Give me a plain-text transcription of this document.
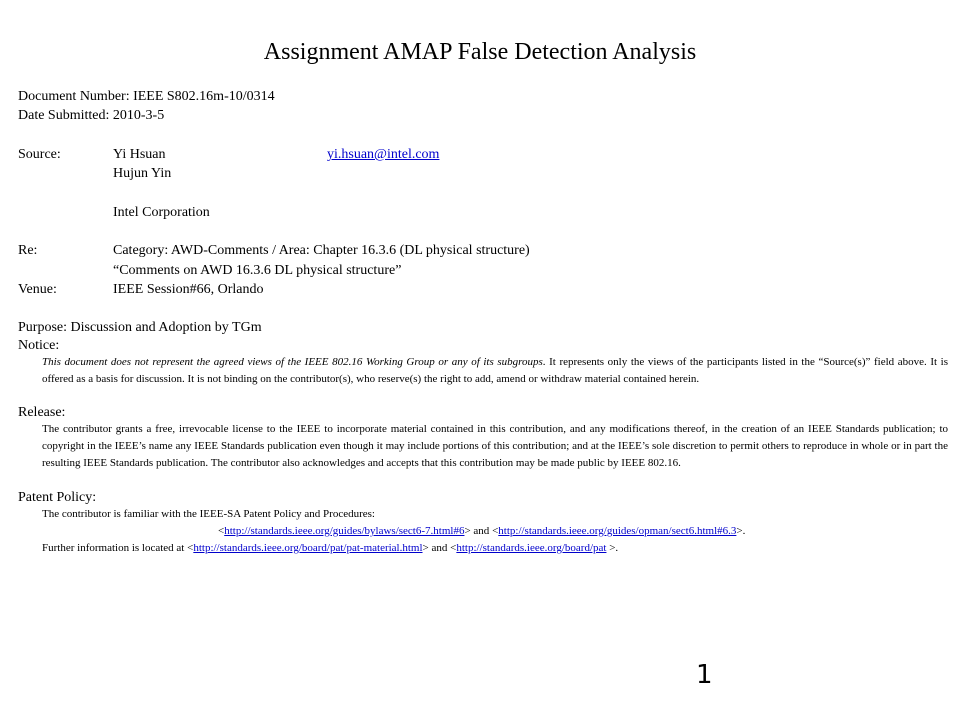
Assignment AMAP False Detection Analysis
Document Number: IEEE S802.16m-10/0314
Date Submitted: 2010-3-5
Source:	Yi Hsuan	yi.hsuan@intel.com
Hujun Yin
Intel Corporation
Re:	Category: AWD-Comments / Area: Chapter 16.3.6 (DL physical structure)
“Comments on AWD 16.3.6 DL physical structure”
Venue:	IEEE Session#66, Orlando
Purpose: Discussion and Adoption by TGm
Notice:
This document does not represent the agreed views of the IEEE 802.16 Working Group or any of its subgroups. It represents only the views of the participants listed in the “Source(s)” field above. It is offered as a basis for discussion. It is not binding on the contributor(s), who reserve(s) the right to add, amend or withdraw material contained herein.
Release:
The contributor grants a free, irrevocable license to the IEEE to incorporate material contained in this contribution, and any modifications thereof, in the creation of an IEEE Standards publication; to copyright in the IEEE’s name any IEEE Standards publication even though it may include portions of this contribution; and at the IEEE’s sole discretion to permit others to reproduce in whole or in part the resulting IEEE Standards publication. The contributor also acknowledges and accepts that this contribution may be made public by IEEE 802.16.
Patent Policy:
The contributor is familiar with the IEEE-SA Patent Policy and Procedures:
<http://standards.ieee.org/guides/bylaws/sect6-7.html#6> and <http://standards.ieee.org/guides/opman/sect6.html#6.3>.
Further information is located at <http://standards.ieee.org/board/pat/pat-material.html> and <http://standards.ieee.org/board/pat >.
1
